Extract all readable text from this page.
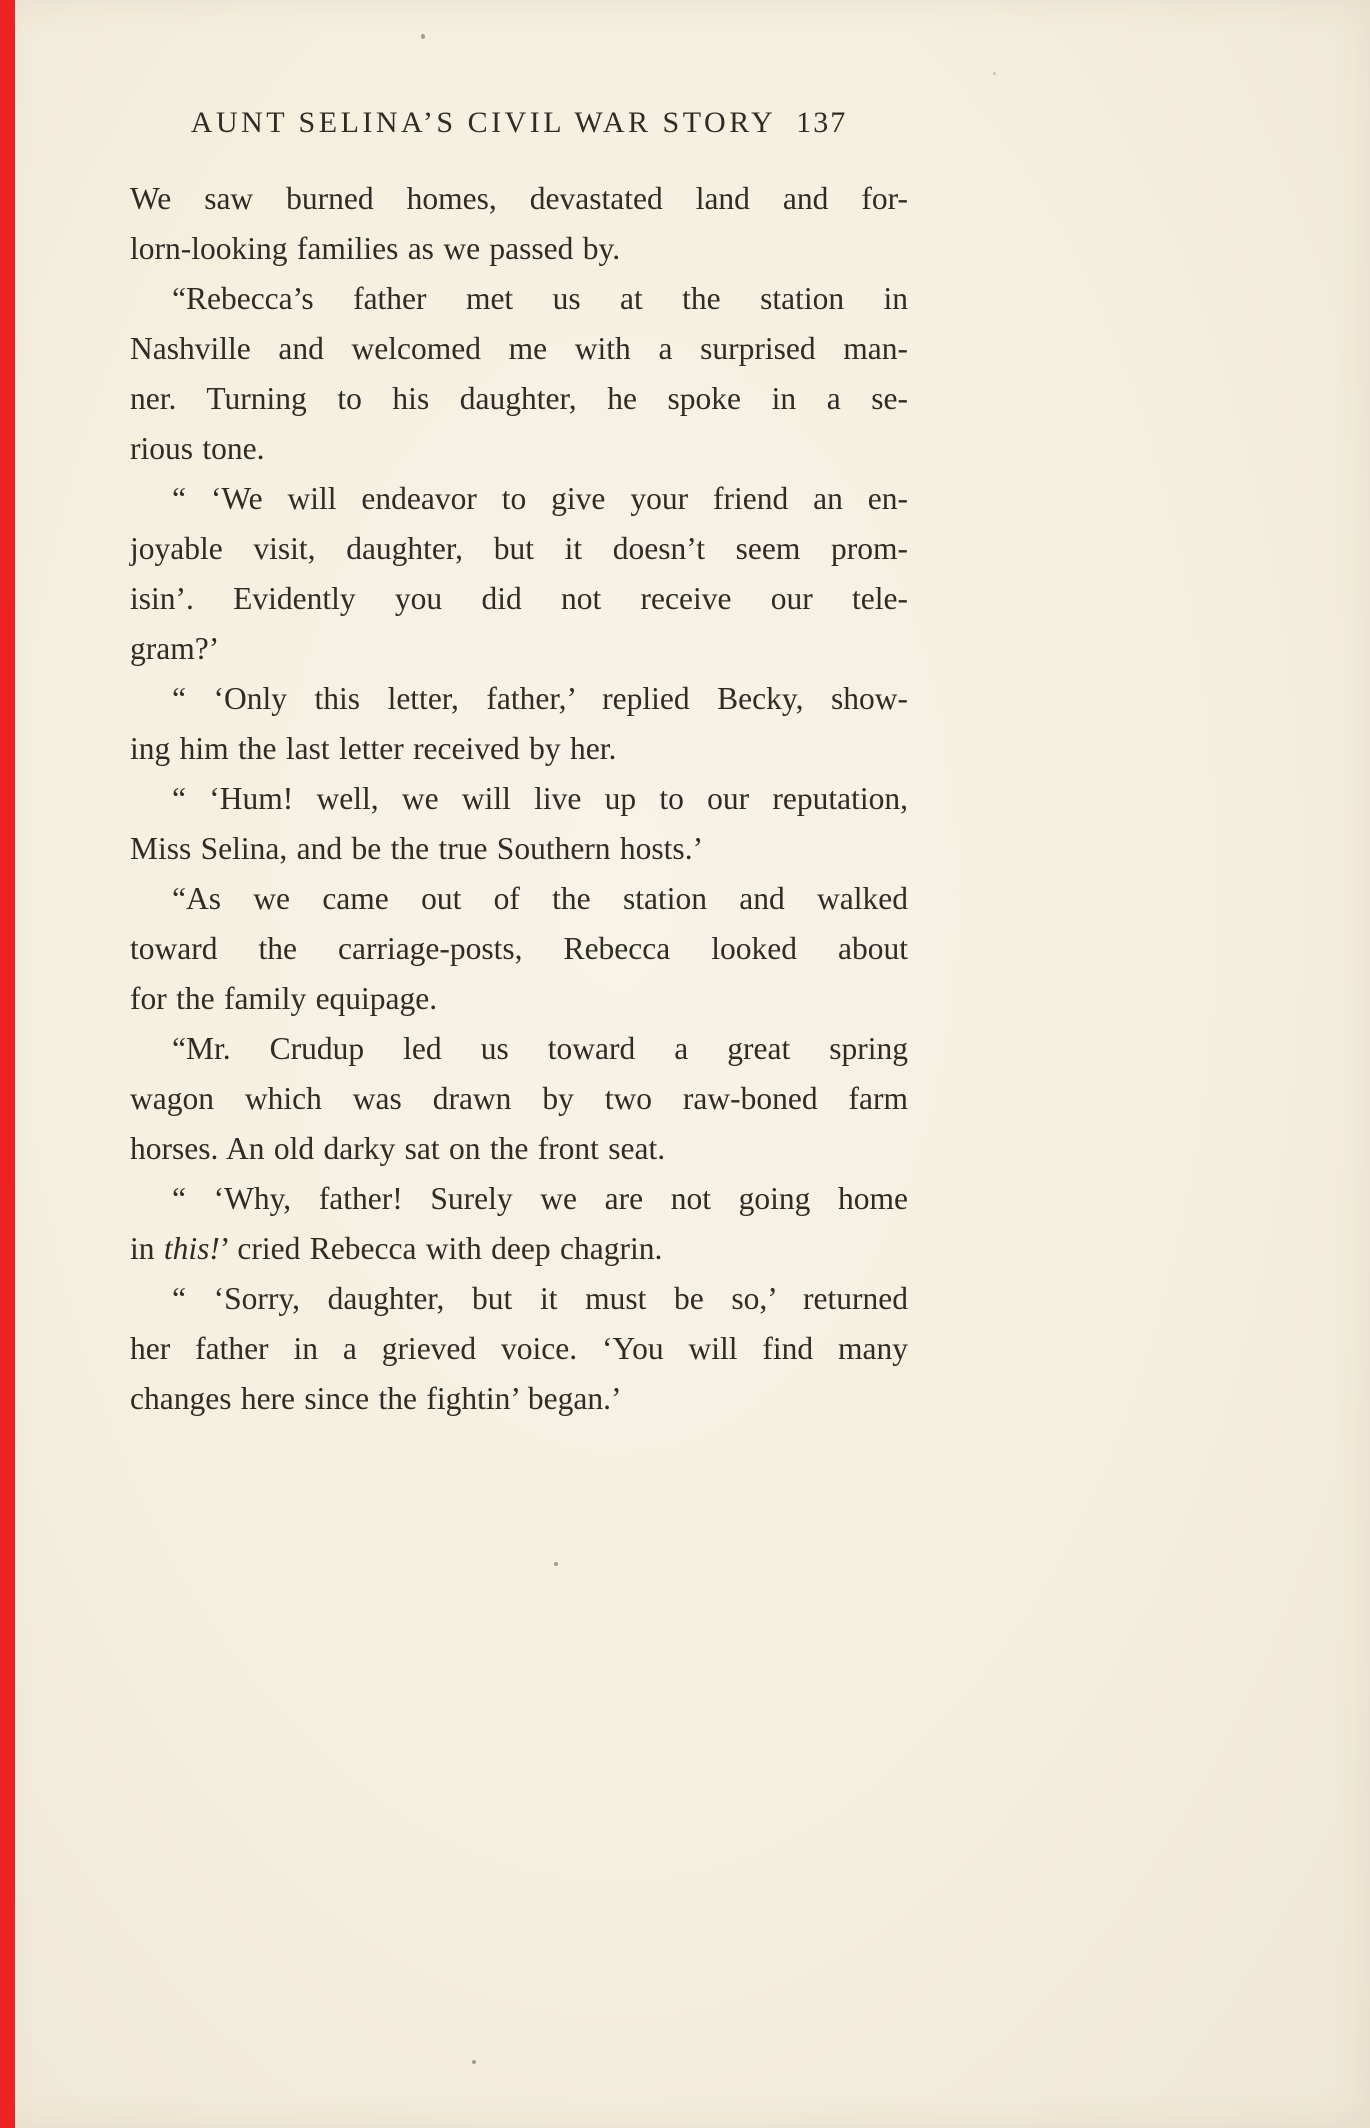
AUNT SELINA’S CIVIL WAR STORY 137
We saw burned homes, devastated land and for-
lorn-looking families as we passed by.
“Rebecca’s father met us at the station in
Nashville and welcomed me with a surprised man-
ner. Turning to his daughter, he spoke in a se-
rious tone.
“ ‘We will endeavor to give your friend an en-
joyable visit, daughter, but it doesn’t seem prom-
isin’. Evidently you did not receive our tele-
gram?’
“ ‘Only this letter, father,’ replied Becky, show-
ing him the last letter received by her.
“ ‘Hum! well, we will live up to our reputation,
Miss Selina, and be the true Southern hosts.’
“As we came out of the station and walked
toward the carriage-posts, Rebecca looked about
for the family equipage.
“Mr. Crudup led us toward a great spring
wagon which was drawn by two raw-boned farm
horses. An old darky sat on the front seat.
“ ‘Why, father! Surely we are not going home
in this!’ cried Rebecca with deep chagrin.
“ ‘Sorry, daughter, but it must be so,’ returned
her father in a grieved voice. ‘You will find many
changes here since the fightin’ began.’
